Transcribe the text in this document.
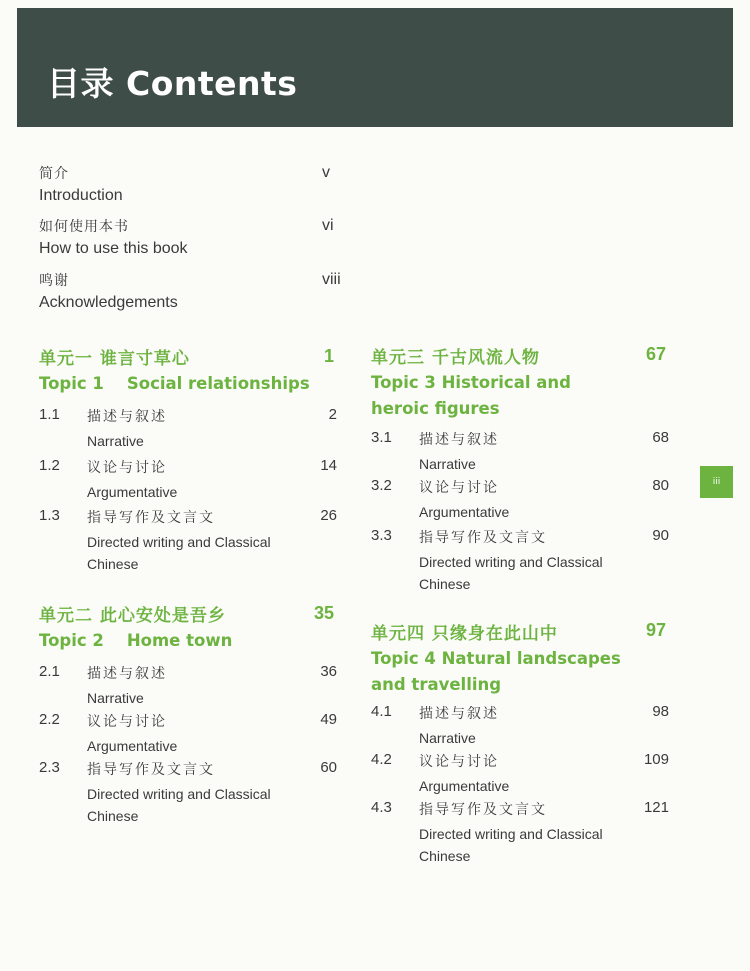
目录 Contents
iii
简介
Introduction
v
如何使用本书
How to use this book
vi
鸣谢
Acknowledgements
viii
单元一 谁言寸草心
Topic 1    Social relationships
1
1.1 描述与叙述
Narrative
2
1.2 议论与讨论
Argumentative
14
1.3 指导写作及文言文
Directed writing and Classical Chinese
26
单元二 此心安处是吾乡
Topic 2    Home town
35
2.1 描述与叙述
Narrative
36
2.2 议论与讨论
Argumentative
49
2.3 指导写作及文言文
Directed writing and Classical Chinese
60
单元三 千古风流人物
Topic 3 Historical and heroic figures
67
3.1 描述与叙述
Narrative
68
3.2 议论与讨论
Argumentative
80
3.3 指导写作及文言文
Directed writing and Classical Chinese
90
单元四 只缘身在此山中
Topic 4 Natural landscapes and travelling
97
4.1 描述与叙述
Narrative
98
4.2 议论与讨论
Argumentative
109
4.3 指导写作及文言文
Directed writing and Classical Chinese
121
